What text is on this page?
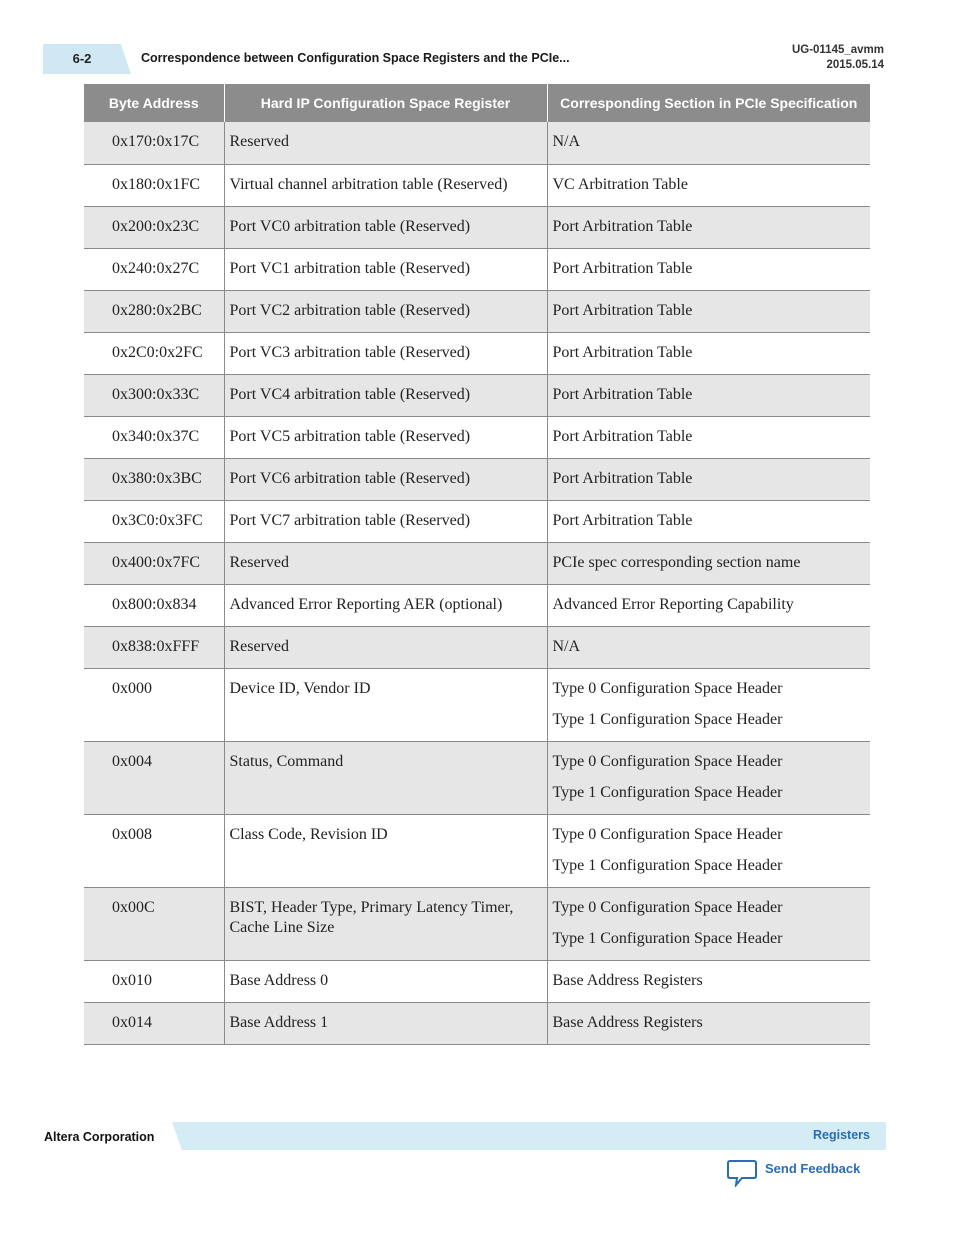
6-2	Correspondence between Configuration Space Registers and the PCIe...
UG-01145_avmm
2015.05.14
Byte Address	Hard IP Configuration Space Register	Corresponding Section in PCIe Specification
0x170:0x17C	Reserved	N/A

0x180:0x1FC	Virtual channel arbitration table (Reserved)	VC Arbitration Table

0x200:0x23C	Port VC0 arbitration table (Reserved)	Port Arbitration Table

0x240:0x27C	Port VC1 arbitration table (Reserved)	Port Arbitration Table

0x280:0x2BC	Port VC2 arbitration table (Reserved)	Port Arbitration Table

0x2C0:0x2FC	Port VC3 arbitration table (Reserved)	Port Arbitration Table

0x300:0x33C	Port VC4 arbitration table (Reserved)	Port Arbitration Table

0x340:0x37C	Port VC5 arbitration table (Reserved)	Port Arbitration Table

0x380:0x3BC	Port VC6 arbitration table (Reserved)	Port Arbitration Table

0x3C0:0x3FC	Port VC7 arbitration table (Reserved)	Port Arbitration Table

0x400:0x7FC	Reserved	PCIe spec corresponding section name

0x800:0x834	Advanced Error Reporting AER (optional)	Advanced Error Reporting Capability

0x838:0xFFF	Reserved	N/A

0x000	Device ID, Vendor ID	Type 0 Configuration Space Header
Type 1 Configuration Space Header

0x004	Status, Command	Type 0 Configuration Space Header
Type 1 Configuration Space Header

0x008	Class Code, Revision ID	Type 0 Configuration Space Header
Type 1 Configuration Space Header

0x00C	BIST, Header Type, Primary Latency Timer, Cache Line Size	Type 0 Configuration Space Header
Type 1 Configuration Space Header

0x010	Base Address 0	Base Address Registers

0x014	Base Address 1	Base Address Registers
Altera Corporation	Registers
Send Feedback
